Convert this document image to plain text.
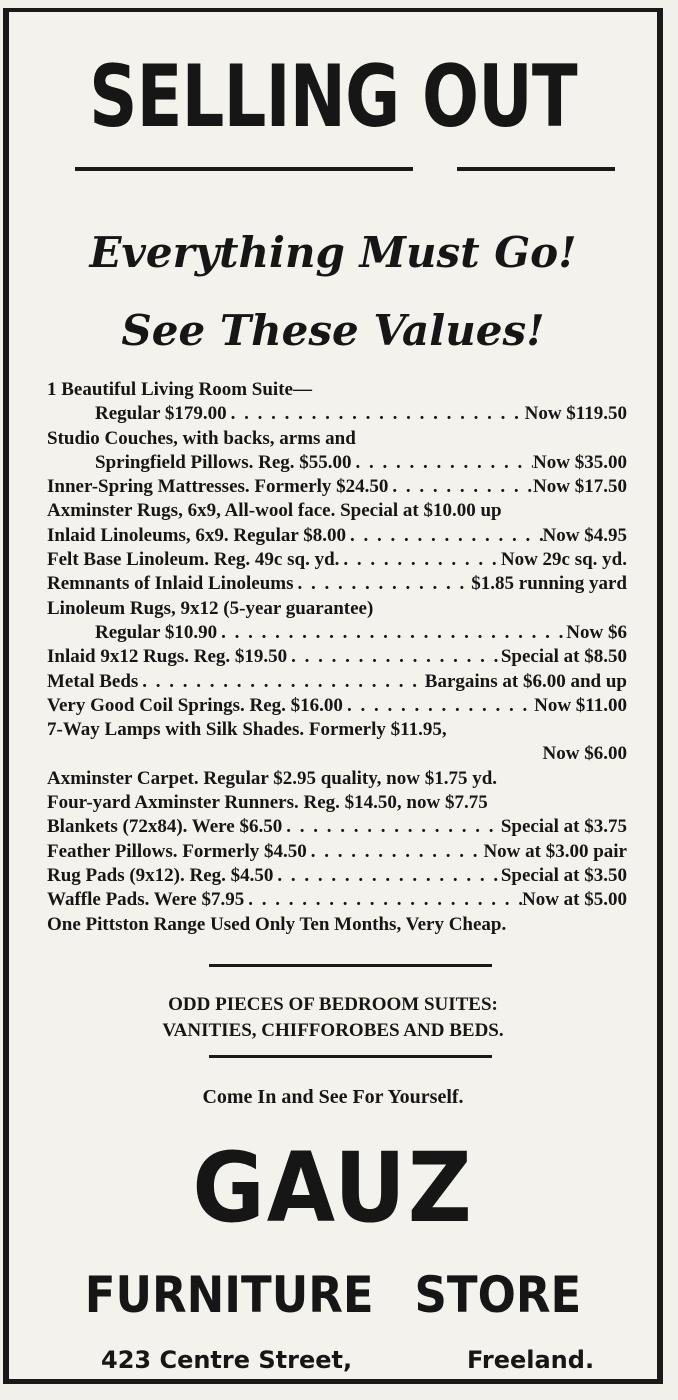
SELLING OUT
Everything Must Go!
See These Values!
1 Beautiful Living Room Suite—
Regular $179.00 . . .	Now $119.50
Studio Couches, with backs, arms and
Springfield Pillows. Reg. $55.00 . . .	Now $35.00
Inner-Spring Mattresses. Formerly $24.50 . . .	Now $17.50
Axminster Rugs, 6x9, All-wool face. Special at $10.00 up
Inlaid Linoleums, 6x9. Regular $8.00 . . .	Now $4.95
Felt Base Linoleum. Reg. 49c sq. yd. . . .	Now 29c sq. yd.
Remnants of Inlaid Linoleums . . .	$1.85 running yard
Linoleum Rugs, 9x12 (5-year guarantee)
Regular $10.90 . . .	Now $6
Inlaid 9x12 Rugs. Reg. $19.50 . . .	Special at $8.50
Metal Beds . . .	Bargains at $6.00 and up
Very Good Coil Springs. Reg. $16.00 . . .	Now $11.00
7-Way Lamps with Silk Shades. Formerly $11.95,
Now $6.00
Axminster Carpet. Regular $2.95 quality, now $1.75 yd.
Four-yard Axminster Runners. Reg. $14.50, now $7.75
Blankets (72x84). Were $6.50 . . .	Special at $3.75
Feather Pillows. Formerly $4.50 . . .	Now at $3.00 pair
Rug Pads (9x12). Reg. $4.50 . . .	Special at $3.50
Waffle Pads. Were $7.95 . . .	Now at $5.00
One Pittston Range Used Only Ten Months, Very Cheap.
ODD PIECES OF BEDROOM SUITES:
VANITIES, CHIFFOROBES AND BEDS.
Come In and See For Yourself.
GAUZ
FURNITURE STORE
423 Centre Street,	Freeland.
